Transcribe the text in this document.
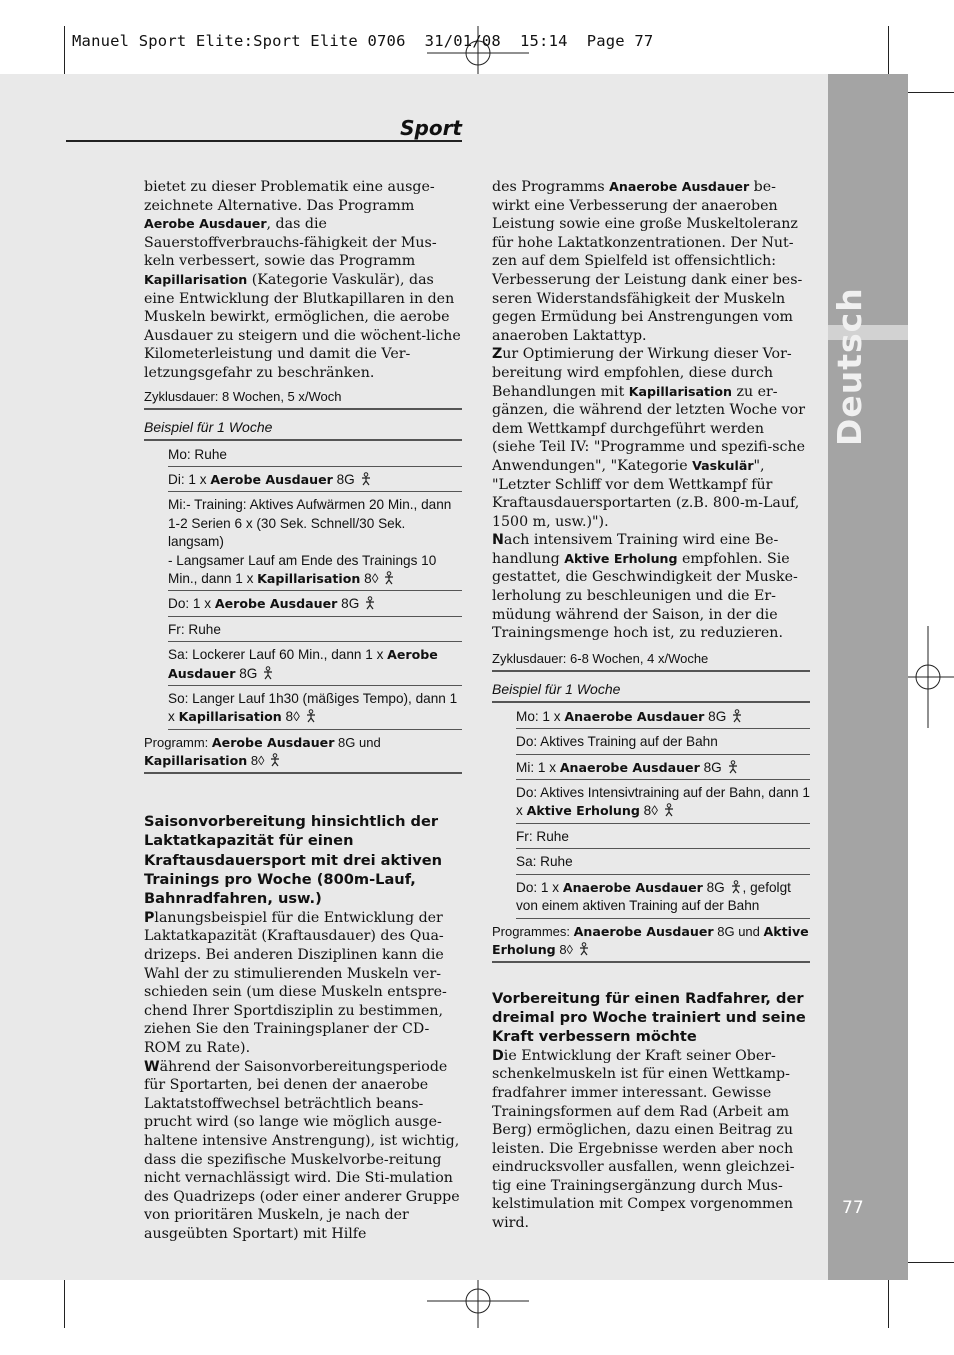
Manuel Sport Elite:Sport Elite 0706  31/01/08  15:14  Page 77
Deutsch
77
Sport
bietet zu dieser Problematik eine ausge-zeichnete Alternative. Das Programm Aerobe Ausdauer, das die Sauerstoffverbrauchs-fähigkeit der Mus-keln verbessert, sowie das Programm Kapillarisation (Kategorie Vaskulär), das eine Entwicklung der Blutkapillaren in den Muskeln bewirkt, ermöglichen, die aerobe Ausdauer zu steigern und die wöchent-liche Kilometerleistung und damit die Ver-letzungsgefahr zu beschränken.
Zyklusdauer: 8 Wochen, 5 x/Woch
Beispiel für 1 Woche
Mo: Ruhe
Di: 1 x Aerobe Ausdauer 8G
Mi:- Training: Aktives Aufwärmen 20 Min., dann 1-2 Serien 6 x (30 Sek. Schnell/30 Sek. langsam)
- Langsamer Lauf am Ende des Trainings 10 Min., dann 1 x Kapillarisation 8◊
Do: 1 x Aerobe Ausdauer 8G
Fr: Ruhe
Sa: Lockerer Lauf 60 Min., dann 1 x Aerobe Ausdauer 8G
So: Langer Lauf 1h30 (mäßiges Tempo), dann 1 x Kapillarisation 8◊
Programm: Aerobe Ausdauer 8G und Kapillarisation 8◊
Saisonvorbereitung hinsichtlich der Laktatkapazität für einen Kraftausdauersport mit drei aktiven Trainings pro Woche (800m-Lauf, Bahnradfahren, usw.)
Planungsbeispiel für die Entwicklung der Laktatkapazität (Kraftausdauer) des Qua-drizeps. Bei anderen Disziplinen kann die Wahl der zu stimulierenden Muskeln ver-schieden sein (um diese Muskeln entspre-chend Ihrer Sportdisziplin zu bestimmen, ziehen Sie den Trainingsplaner der CD-ROM zu Rate).
Während der Saisonvorbereitungsperiode für Sportarten, bei denen der anaerobe Laktatstoffwechsel beträchtlich beans-prucht wird (so lange wie möglich ausge-haltene intensive Anstrengung), ist wichtig, dass die spezifische Muskelvorbe-reitung nicht vernachlässigt wird. Die Sti-mulation des Quadrizeps (oder einer anderer Gruppe von prioritären Muskeln, je nach der ausgeübten Sportart) mit Hilfe
des Programms Anaerobe Ausdauer be-wirkt eine Verbesserung der anaeroben Leistung sowie eine große Muskeltoleranz für hohe Laktatkonzentrationen. Der Nut-zen auf dem Spielfeld ist offensichtlich: Verbesserung der Leistung dank einer bes-seren Widerstandsfähigkeit der Muskeln gegen Ermüdung bei Anstrengungen vom anaeroben Laktattyp.
Zur Optimierung der Wirkung dieser Vor-bereitung wird empfohlen, diese durch Behandlungen mit Kapillarisation zu er-gänzen, die während der letzten Woche vor dem Wettkampf durchgeführt werden (siehe Teil IV: "Programme und spezifi-sche Anwendungen", "Kategorie Vaskulär", "Letzter Schliff vor dem Wettkampf für Kraftausdauersportarten (z.B. 800-m-Lauf, 1500 m, usw.)").
Nach intensivem Training wird eine Be-handlung Aktive Erholung empfohlen. Sie gestattet, die Geschwindigkeit der Muske-lerholung zu beschleunigen und die Er-müdung während der Saison, in der die Trainingsmenge hoch ist, zu reduzieren.
Zyklusdauer: 6-8 Wochen, 4 x/Woche
Beispiel für 1 Woche
Mo: 1 x Anaerobe Ausdauer 8G
Do: Aktives Training auf der Bahn
Mi: 1 x Anaerobe Ausdauer 8G
Do: Aktives Intensivtraining auf der Bahn, dann 1 x Aktive Erholung 8◊
Fr: Ruhe
Sa: Ruhe
Do: 1 x Anaerobe Ausdauer 8G , gefolgt von einem aktiven Training auf der Bahn
Programmes: Anaerobe Ausdauer 8G und Aktive Erholung 8◊
Vorbereitung für einen Radfahrer, der dreimal pro Woche trainiert und seine Kraft verbessern möchte
Die Entwicklung der Kraft seiner Ober-schenkelmuskeln ist für einen Wettkamp-fradfahrer immer interessant. Gewisse Trainingsformen auf dem Rad (Arbeit am Berg) ermöglichen, dazu einen Beitrag zu leisten. Die Ergebnisse werden aber noch eindrucksvoller ausfallen, wenn gleichzei-tig eine Trainingsergänzung durch Mus-kelstimulation mit Compex vorgenommen wird.
